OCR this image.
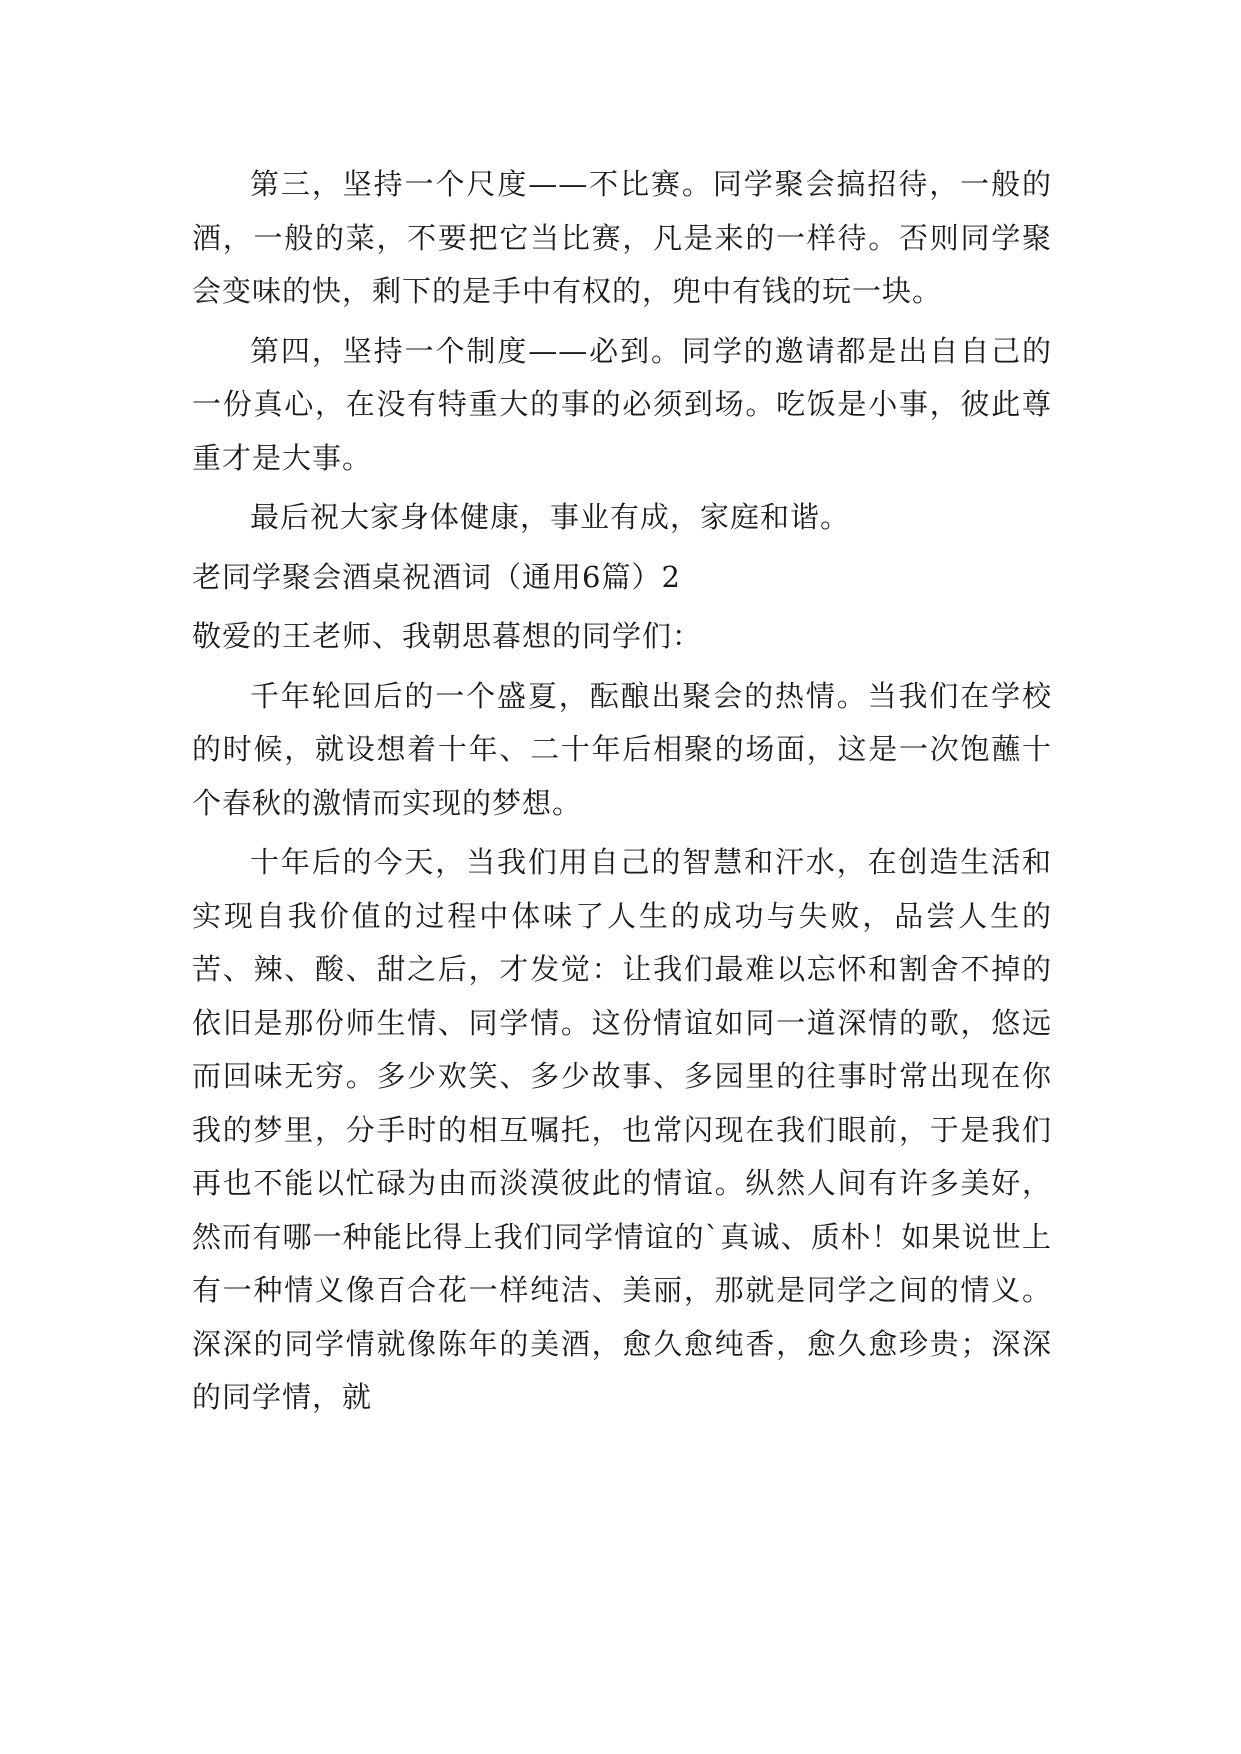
第三，坚持一个尺度——不比赛。同学聚会搞招待，一般的酒，一般的菜，不要把它当比赛，凡是来的一样待。否则同学聚会变味的快，剩下的是手中有权的，兜中有钱的玩一块。

第四，坚持一个制度——必到。同学的邀请都是出自自己的一份真心，在没有特重大的事的必须到场。吃饭是小事，彼此尊重才是大事。

最后祝大家身体健康，事业有成，家庭和谐。

老同学聚会酒桌祝酒词（通用6篇）2

敬爱的王老师、我朝思暮想的同学们：

千年轮回后的一个盛夏，酝酿出聚会的热情。当我们在学校的时候，就设想着十年、二十年后相聚的场面，这是一次饱蘸十个春秋的激情而实现的梦想。

十年后的今天，当我们用自己的智慧和汗水，在创造生活和实现自我价值的过程中体味了人生的成功与失败，品尝人生的苦、辣、酸、甜之后，才发觉：让我们最难以忘怀和割舍不掉的依旧是那份师生情、同学情。这份情谊如同一道深情的歌，悠远而回味无穷。多少欢笑、多少故事、多园里的往事时常出现在你我的梦里，分手时的相互嘱托，也常闪现在我们眼前，于是我们再也不能以忙碌为由而淡漠彼此的情谊。纵然人间有许多美好，然而有哪一种能比得上我们同学情谊的`真诚、质朴！如果说世上有一种情义像百合花一样纯洁、美丽，那就是同学之间的情义。深深的同学情就像陈年的美酒，愈久愈纯香，愈久愈珍贵；深深的同学情，就
